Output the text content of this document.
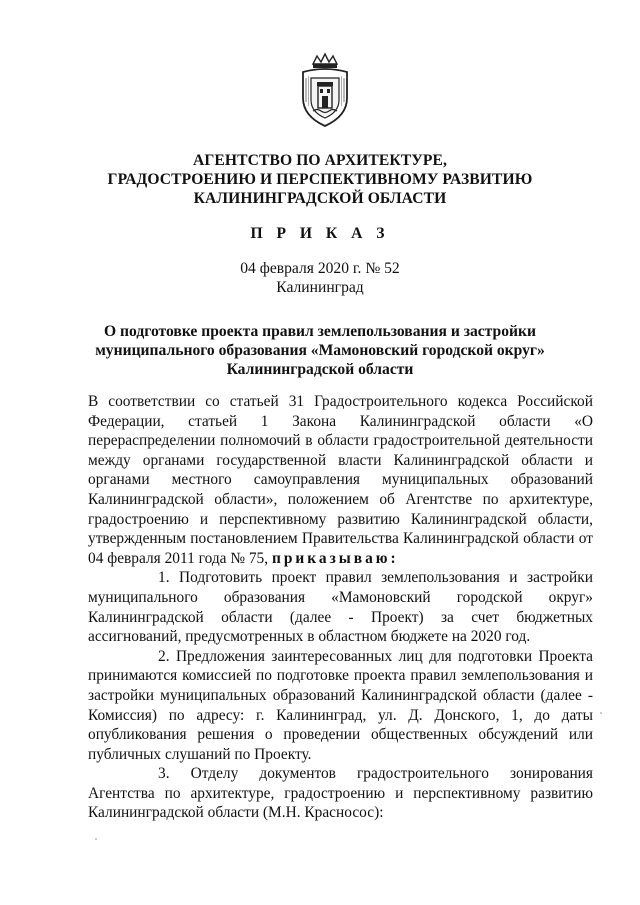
АГЕНТСТВО ПО АРХИТЕКТУРЕ,
ГРАДОСТРОЕНИЮ И ПЕРСПЕКТИВНОМУ РАЗВИТИЮ
КАЛИНИНГРАДСКОЙ ОБЛАСТИ
П Р И К А З
04 февраля 2020 г. № 52
Калининград
О подготовке проекта правил землепользования и застройки
муниципального образования «Мамоновский городской округ»
Калининградской области

В соответствии со статьей 31 Градостроительного кодекса Российской Федерации, статьей 1 Закона Калининградской области «О перераспределении полномочий в области градостроительной деятельности между органами государственной власти Калининградской области и органами местного самоуправления муниципальных образований Калининградской области», положением об Агентстве по архитектуре, градостроению и перспективному развитию Калининградской области, утвержденным постановлением Правительства Калининградской области от 04 февраля 2011 года № 75, приказываю:

1. Подготовить проект правил землепользования и застройки муниципального образования «Мамоновский городской округ» Калининградской области (далее - Проект) за счет бюджетных ассигнований, предусмотренных в областном бюджете на 2020 год.

2. Предложения заинтересованных лиц для подготовки Проекта принимаются комиссией по подготовке проекта правил землепользования и застройки муниципальных образований Калининградской области (далее - Комиссия) по адресу: г. Калининград, ул. Д. Донского, 1, до даты опубликования решения о проведении общественных обсуждений или публичных слушаний по Проекту.

3. Отделу документов градостроительного зонирования Агентства по архитектуре, градостроению и перспективному развитию Калининградской области (М.Н. Красносос):
